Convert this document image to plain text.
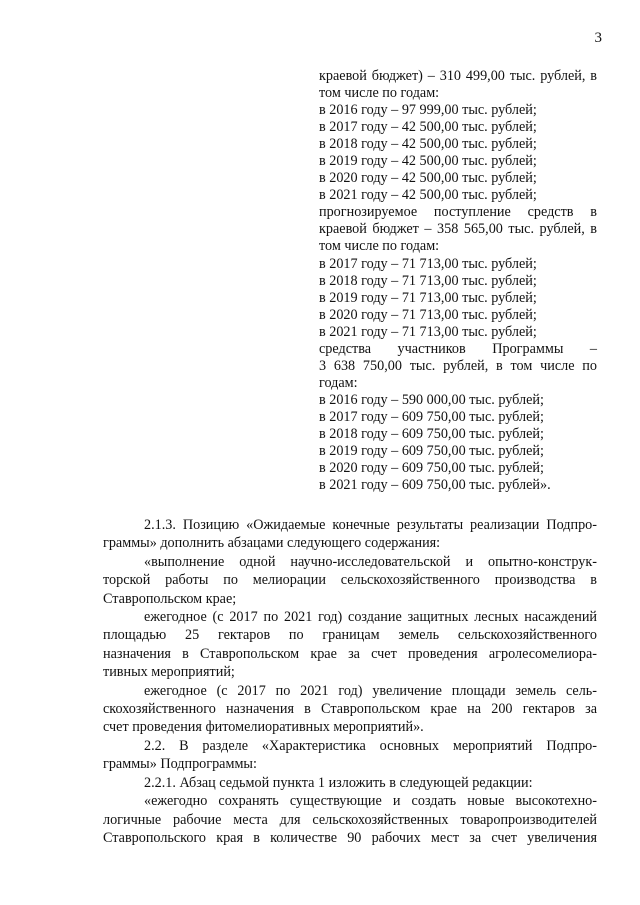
3
краевой бюджет) – 310 499,00 тыс. рублей, в
том числе по годам:
в 2016 году – 97 999,00 тыс. рублей;
в 2017 году – 42 500,00 тыс. рублей;
в 2018 году – 42 500,00 тыс. рублей;
в 2019 году – 42 500,00 тыс. рублей;
в 2020 году – 42 500,00 тыс. рублей;
в 2021 году – 42 500,00 тыс. рублей;
прогнозируемое поступление средств в
краевой бюджет – 358 565,00 тыс. рублей, в
том числе по годам:
в 2017 году – 71 713,00 тыс. рублей;
в 2018 году – 71 713,00 тыс. рублей;
в 2019 году – 71 713,00 тыс. рублей;
в 2020 году – 71 713,00 тыс. рублей;
в 2021 году – 71 713,00 тыс. рублей;
средства участников Программы –
3 638 750,00 тыс. рублей, в том числе по
годам:
в 2016 году – 590 000,00 тыс. рублей;
в 2017 году – 609 750,00 тыс. рублей;
в 2018 году – 609 750,00 тыс. рублей;
в 2019 году – 609 750,00 тыс. рублей;
в 2020 году – 609 750,00 тыс. рублей;
в 2021 году – 609 750,00 тыс. рублей».
2.1.3. Позицию «Ожидаемые конечные результаты реализации Подпро-
граммы» дополнить абзацами следующего содержания:
«выполнение одной научно-исследовательской и опытно-конструк-
торской работы по мелиорации сельскохозяйственного производства в
Ставропольском крае;
ежегодное (с 2017 по 2021 год) создание защитных лесных насаждений
площадью 25 гектаров по границам земель сельскохозяйственного
назначения в Ставропольском крае за счет проведения агролесомелиора-
тивных мероприятий;
ежегодное (с 2017 по 2021 год) увеличение площади земель сель-
скохозяйственного назначения в Ставропольском крае на 200 гектаров за
счет проведения фитомелиоративных мероприятий».
2.2. В разделе «Характеристика основных мероприятий Подпро-
граммы» Подпрограммы:
2.2.1. Абзац седьмой пункта 1 изложить в следующей редакции:
«ежегодно сохранять существующие и создать новые высокотехно-
логичные рабочие места для сельскохозяйственных товаропроизводителей
Ставропольского края в количестве 90 рабочих мест за счет увеличения
